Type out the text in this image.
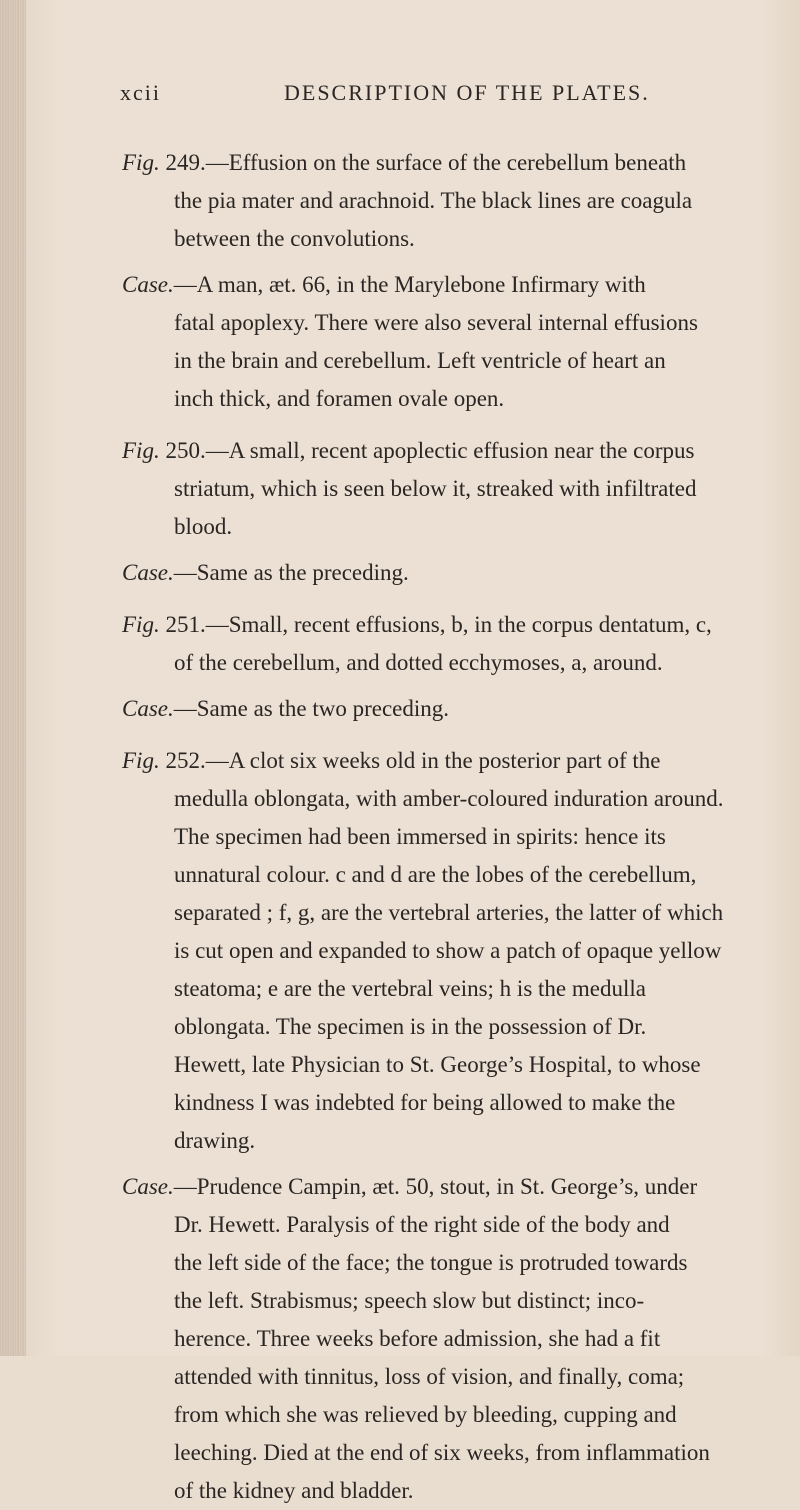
xcii	DESCRIPTION OF THE PLATES.
Fig. 249.—Effusion on the surface of the cerebellum beneath
the pia mater and arachnoid. The black lines are coagula
between the convolutions.
Case.—A man, æt. 66, in the Marylebone Infirmary with
fatal apoplexy. There were also several internal effusions
in the brain and cerebellum. Left ventricle of heart an
inch thick, and foramen ovale open.
Fig. 250.—A small, recent apoplectic effusion near the corpus
striatum, which is seen below it, streaked with infiltrated
blood.
Case.—Same as the preceding.
Fig. 251.—Small, recent effusions, b, in the corpus dentatum, c,
of the cerebellum, and dotted ecchymoses, a, around.
Case.—Same as the two preceding.
Fig. 252.—A clot six weeks old in the posterior part of the
medulla oblongata, with amber-coloured induration around.
The specimen had been immersed in spirits: hence its
unnatural colour. c and d are the lobes of the cerebellum,
separated ; f, g, are the vertebral arteries, the latter of which
is cut open and expanded to show a patch of opaque yellow
steatoma; e are the vertebral veins; h is the medulla
oblongata. The specimen is in the possession of Dr.
Hewett, late Physician to St. George’s Hospital, to whose
kindness I was indebted for being allowed to make the
drawing.
Case.—Prudence Campin, æt. 50, stout, in St. George’s, under
Dr. Hewett. Paralysis of the right side of the body and
the left side of the face; the tongue is protruded towards
the left. Strabismus; speech slow but distinct; inco-
herence. Three weeks before admission, she had a fit
attended with tinnitus, loss of vision, and finally, coma;
from which she was relieved by bleeding, cupping and
leeching. Died at the end of six weeks, from inflammation
of the kidney and bladder.
